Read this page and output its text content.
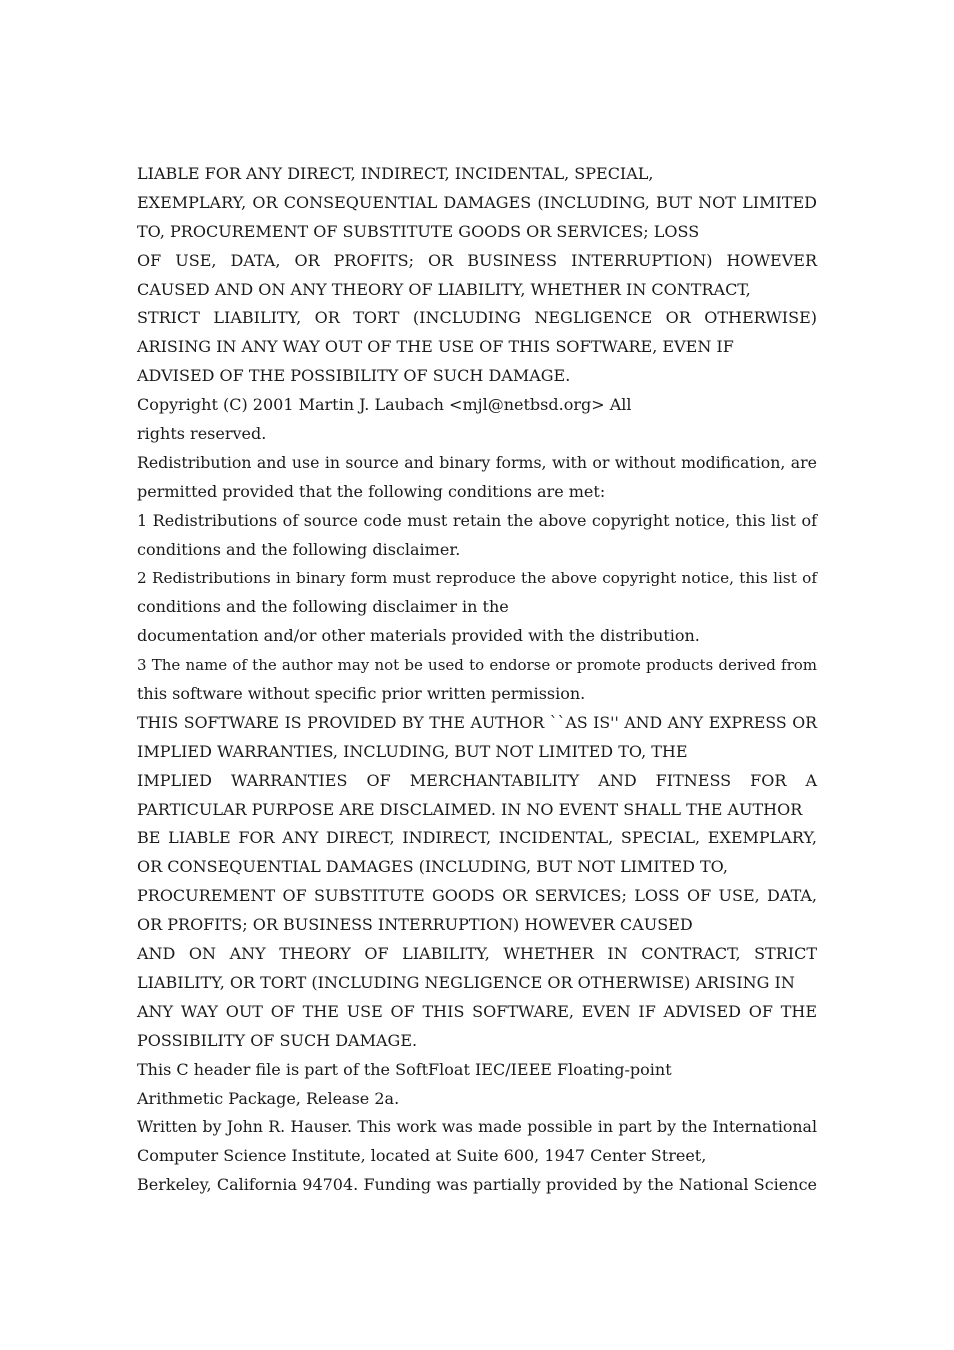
LIABLE FOR ANY DIRECT, INDIRECT, INCIDENTAL, SPECIAL,
EXEMPLARY, OR CONSEQUENTIAL DAMAGES (INCLUDING, BUT NOT LIMITED
TO, PROCUREMENT OF SUBSTITUTE GOODS OR SERVICES; LOSS
OF USE, DATA, OR PROFITS; OR BUSINESS INTERRUPTION) HOWEVER
CAUSED AND ON ANY THEORY OF LIABILITY, WHETHER IN CONTRACT,
STRICT LIABILITY, OR TORT (INCLUDING NEGLIGENCE OR OTHERWISE)
ARISING IN ANY WAY OUT OF THE USE OF THIS SOFTWARE, EVEN IF
ADVISED OF THE POSSIBILITY OF SUCH DAMAGE.
Copyright (C) 2001 Martin J. Laubach <mjl@netbsd.org> All
rights reserved.
Redistribution and use in source and binary forms, with or without modification, are
permitted provided that the following conditions are met:
1 Redistributions of source code must retain the above copyright notice, this list of
conditions and the following disclaimer.
2 Redistributions in binary form must reproduce the above copyright notice, this list of
conditions and the following disclaimer in the
documentation and/or other materials provided with the distribution.
3 The name of the author may not be used to endorse or promote products derived from
this software without specific prior written permission.
THIS SOFTWARE IS PROVIDED BY THE AUTHOR ``AS IS'' AND ANY EXPRESS OR
IMPLIED WARRANTIES, INCLUDING, BUT NOT LIMITED TO, THE
IMPLIED WARRANTIES OF MERCHANTABILITY AND FITNESS FOR A
PARTICULAR PURPOSE ARE DISCLAIMED. IN NO EVENT SHALL THE AUTHOR
BE LIABLE FOR ANY DIRECT, INDIRECT, INCIDENTAL, SPECIAL, EXEMPLARY,
OR CONSEQUENTIAL DAMAGES (INCLUDING, BUT NOT LIMITED TO,
PROCUREMENT OF SUBSTITUTE GOODS OR SERVICES; LOSS OF USE, DATA,
OR PROFITS; OR BUSINESS INTERRUPTION) HOWEVER CAUSED
AND ON ANY THEORY OF LIABILITY, WHETHER IN CONTRACT, STRICT
LIABILITY, OR TORT (INCLUDING NEGLIGENCE OR OTHERWISE) ARISING IN
ANY WAY OUT OF THE USE OF THIS SOFTWARE, EVEN IF ADVISED OF THE
POSSIBILITY OF SUCH DAMAGE.
This C header file is part of the SoftFloat IEC/IEEE Floating-point
Arithmetic Package, Release 2a.
Written by John R. Hauser. This work was made possible in part by the International
Computer Science Institute, located at Suite 600, 1947 Center Street,
Berkeley, California 94704. Funding was partially provided by the National Science
